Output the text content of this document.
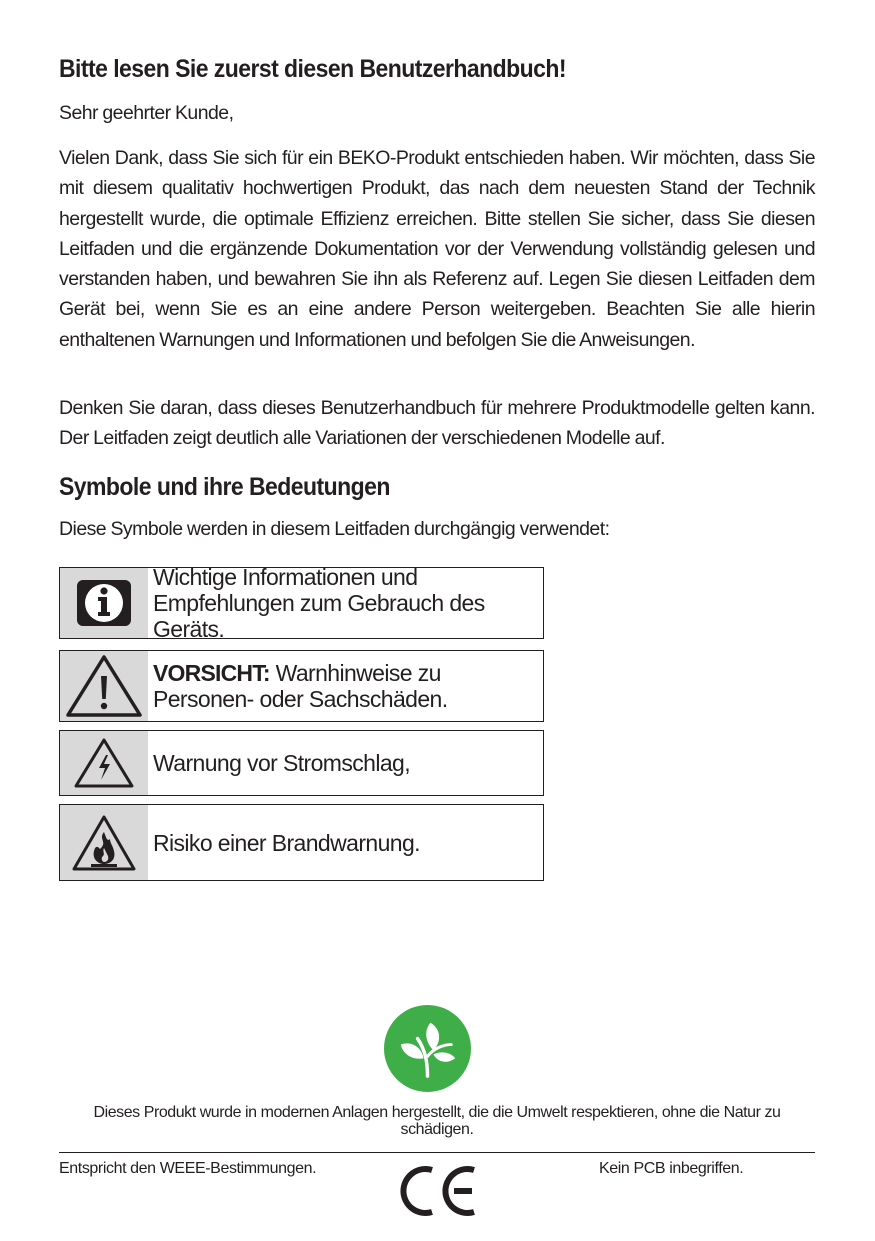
Bitte lesen Sie zuerst diesen Benutzerhandbuch!

Sehr geehrter Kunde,

Vielen Dank, dass Sie sich für ein BEKO-Produkt entschieden haben. Wir möchten, dass Sie mit diesem qualitativ hochwertigen Produkt, das nach dem neuesten Stand der Technik hergestellt wurde, die optimale Effizienz erreichen. Bitte stellen Sie sicher, dass Sie diesen Leitfaden und die ergänzende Dokumentation vor der Verwendung vollständig gelesen und verstanden haben, und bewahren Sie ihn als Referenz auf. Legen Sie diesen Leitfaden dem Gerät bei, wenn Sie es an eine andere Person weitergeben. Beachten Sie alle hierin enthaltenen Warnungen und Informationen und befolgen Sie die Anweisungen.

Denken Sie daran, dass dieses Benutzerhandbuch für mehrere Produktmodelle gelten kann. Der Leitfaden zeigt deutlich alle Variationen der verschiedenen Modelle auf.

Symbole und ihre Bedeutungen

Diese Symbole werden in diesem Leitfaden durchgängig verwendet:

Wichtige Informationen und Empfehlungen zum Gebrauch des Geräts.
VORSICHT: Warnhinweise zu Personen- oder Sachschäden.
Warnung vor Stromschlag,
Risiko einer Brandwarnung.

Dieses Produkt wurde in modernen Anlagen hergestellt, die die Umwelt respektieren, ohne die Natur zu schädigen.

Entspricht den WEEE-Bestimmungen.	Kein PCB inbegriffen.
